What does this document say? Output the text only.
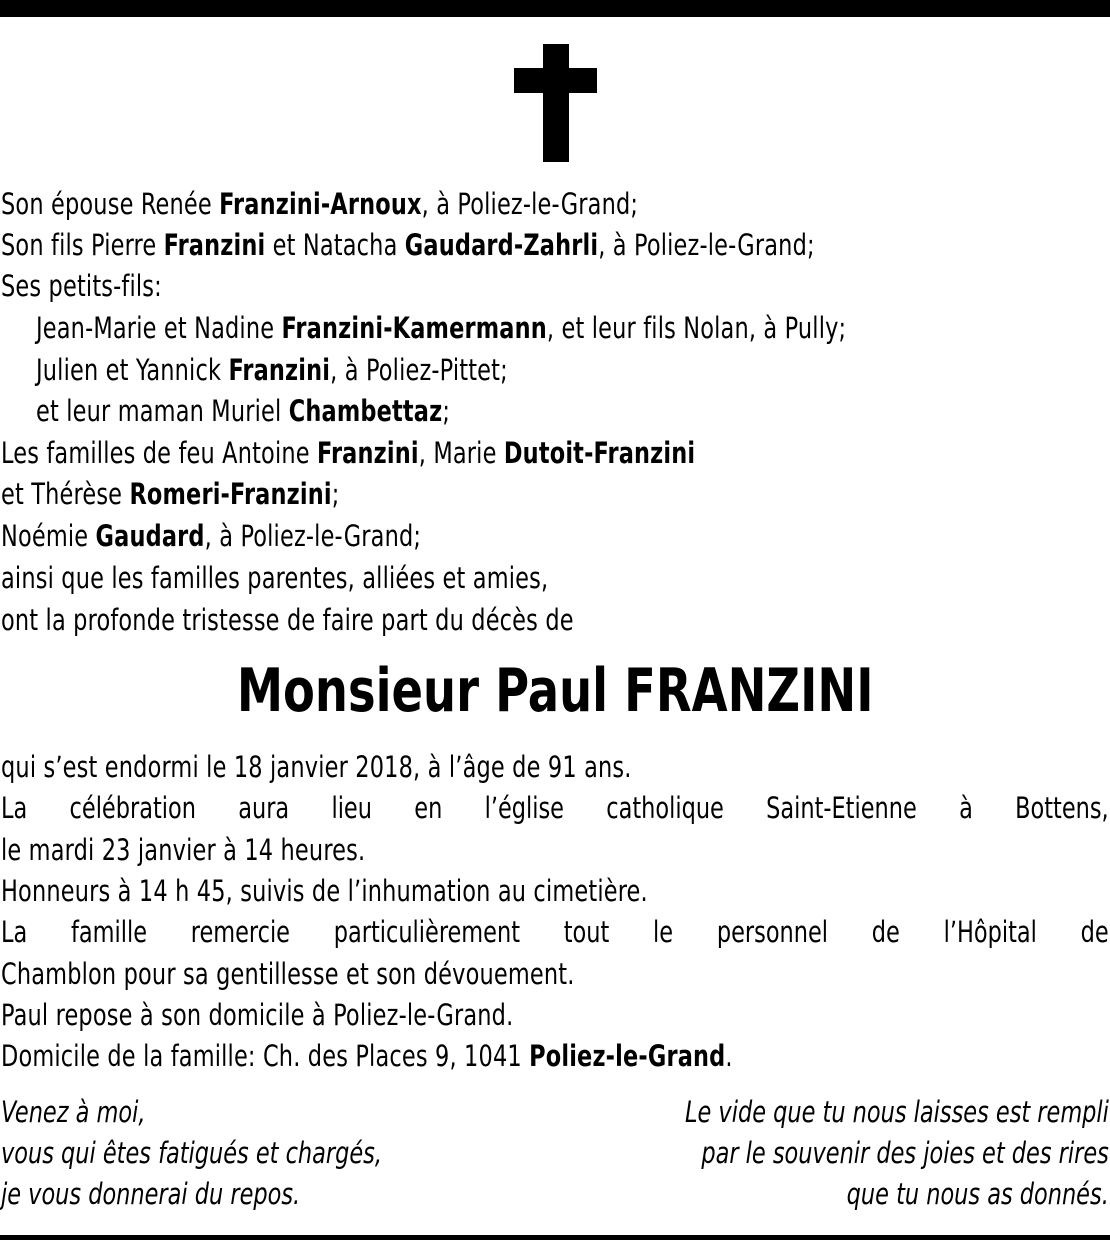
Son épouse Renée Franzini-Arnoux, à Poliez-le-Grand;
Son fils Pierre Franzini et Natacha Gaudard-Zahrli, à Poliez-le-Grand;
Ses petits-fils:
Jean-Marie et Nadine Franzini-Kamermann, et leur fils Nolan, à Pully;
Julien et Yannick Franzini, à Poliez-Pittet;
et leur maman Muriel Chambettaz;
Les familles de feu Antoine Franzini, Marie Dutoit-Franzini
et Thérèse Romeri-Franzini;
Noémie Gaudard, à Poliez-le-Grand;
ainsi que les familles parentes, alliées et amies,
ont la profonde tristesse de faire part du décès de
Monsieur Paul FRANZINI
qui s’est endormi le 18 janvier 2018, à l’âge de 91 ans.
La célébration aura lieu en l’église catholique Saint-Etienne à Bottens,
le mardi 23 janvier à 14 heures.
Honneurs à 14 h 45, suivis de l’inhumation au cimetière.
La famille remercie particulièrement tout le personnel de l’Hôpital de
Chamblon pour sa gentillesse et son dévouement.
Paul repose à son domicile à Poliez-le-Grand.
Domicile de la famille: Ch. des Places 9, 1041 Poliez-le-Grand.
Venez à moi,
vous qui êtes fatigués et chargés,
je vous donnerai du repos.
Le vide que tu nous laisses est rempli
par le souvenir des joies et des rires
que tu nous as donnés.
